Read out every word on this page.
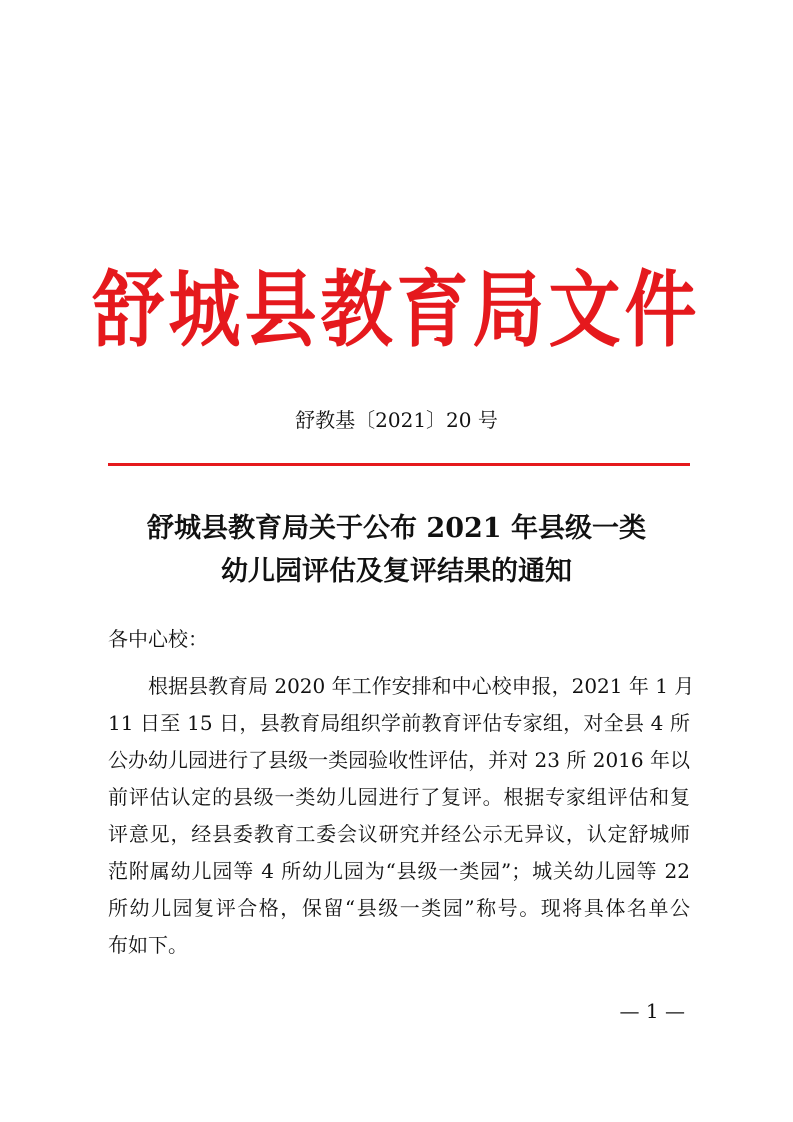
舒城县教育局文件
舒教基〔2021〕20 号
舒城县教育局关于公布 2021 年县级一类
幼儿园评估及复评结果的通知
各中心校：
根据县教育局 2020 年工作安排和中心校申报，2021 年 1 月
11 日至 15 日，县教育局组织学前教育评估专家组，对全县 4 所
公办幼儿园进行了县级一类园验收性评估，并对 23 所 2016 年以
前评估认定的县级一类幼儿园进行了复评。根据专家组评估和复
评意见，经县委教育工委会议研究并经公示无异议，认定舒城师
范附属幼儿园等 4 所幼儿园为“县级一类园”；城关幼儿园等 22
所幼儿园复评合格，保留“县级一类园”称号。现将具体名单公
布如下。
— 1 —
